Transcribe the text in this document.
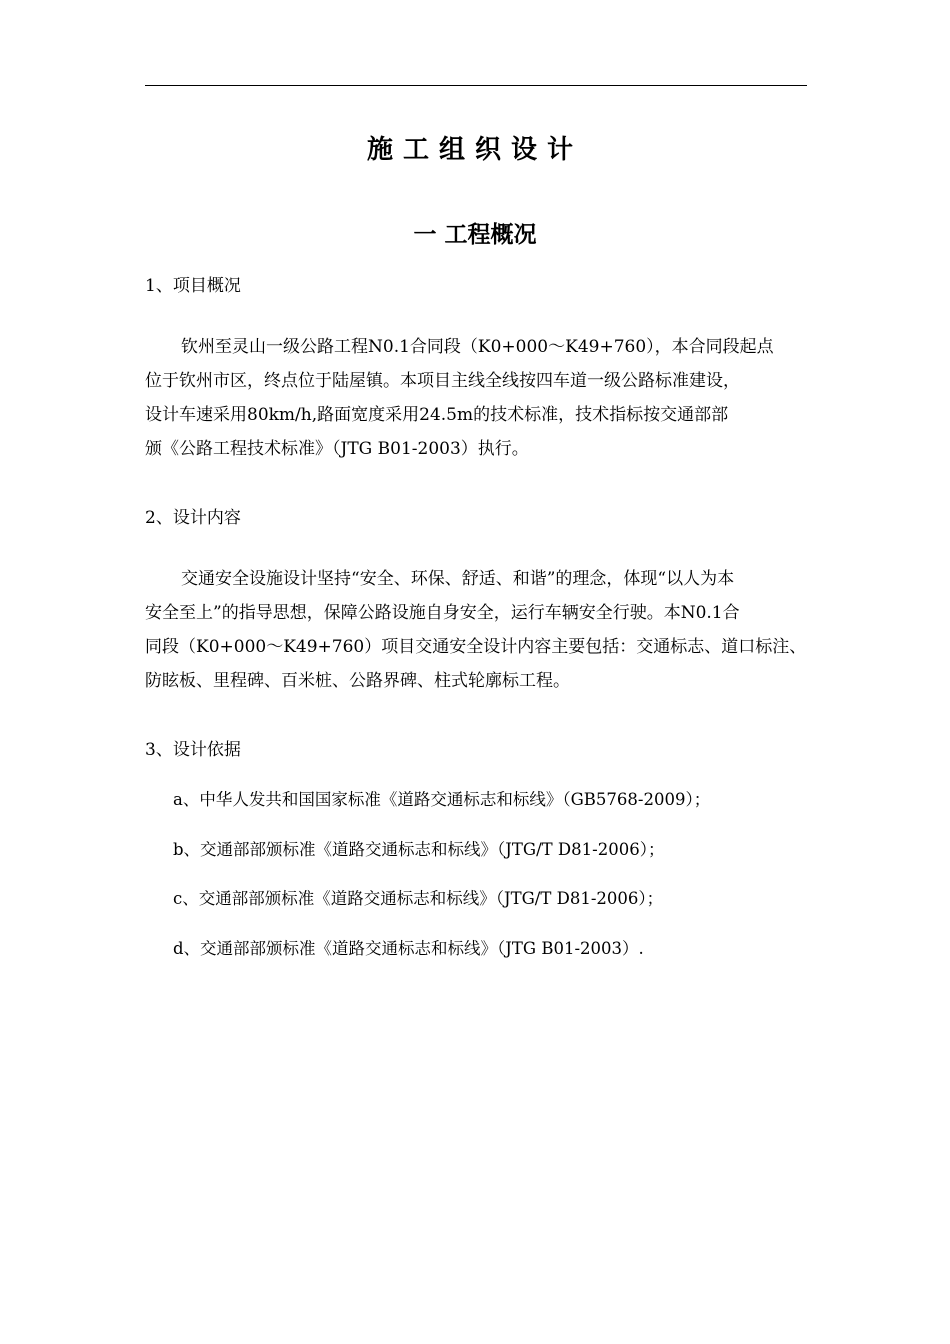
施工组织设计
一 工程概况
1、项目概况
钦州至灵山一级公路工程N0.1合同段（K0+000～K49+760），本合同段起点
位于钦州市区，终点位于陆屋镇。本项目主线全线按四车道一级公路标准建设，
设计车速采用80km/h,路面宽度采用24.5m的技术标准，技术指标按交通部部
颁《公路工程技术标准》（JTG B01-2003）执行。
2、设计内容
交通安全设施设计坚持“安全、环保、舒适、和谐”的理念，体现“以人为本
安全至上”的指导思想，保障公路设施自身安全，运行车辆安全行驶。本N0.1合
同段（K0+000～K49+760）项目交通安全设计内容主要包括：交通标志、道口标注、
防眩板、里程碑、百米桩、公路界碑、柱式轮廓标工程。
3、设计依据
a、中华人发共和国国家标准《道路交通标志和标线》（GB5768-2009）；
b、交通部部颁标准《道路交通标志和标线》（JTG/T D81-2006）；
c、交通部部颁标准《道路交通标志和标线》（JTG/T D81-2006）；
d、交通部部颁标准《道路交通标志和标线》（JTG B01-2003）.
